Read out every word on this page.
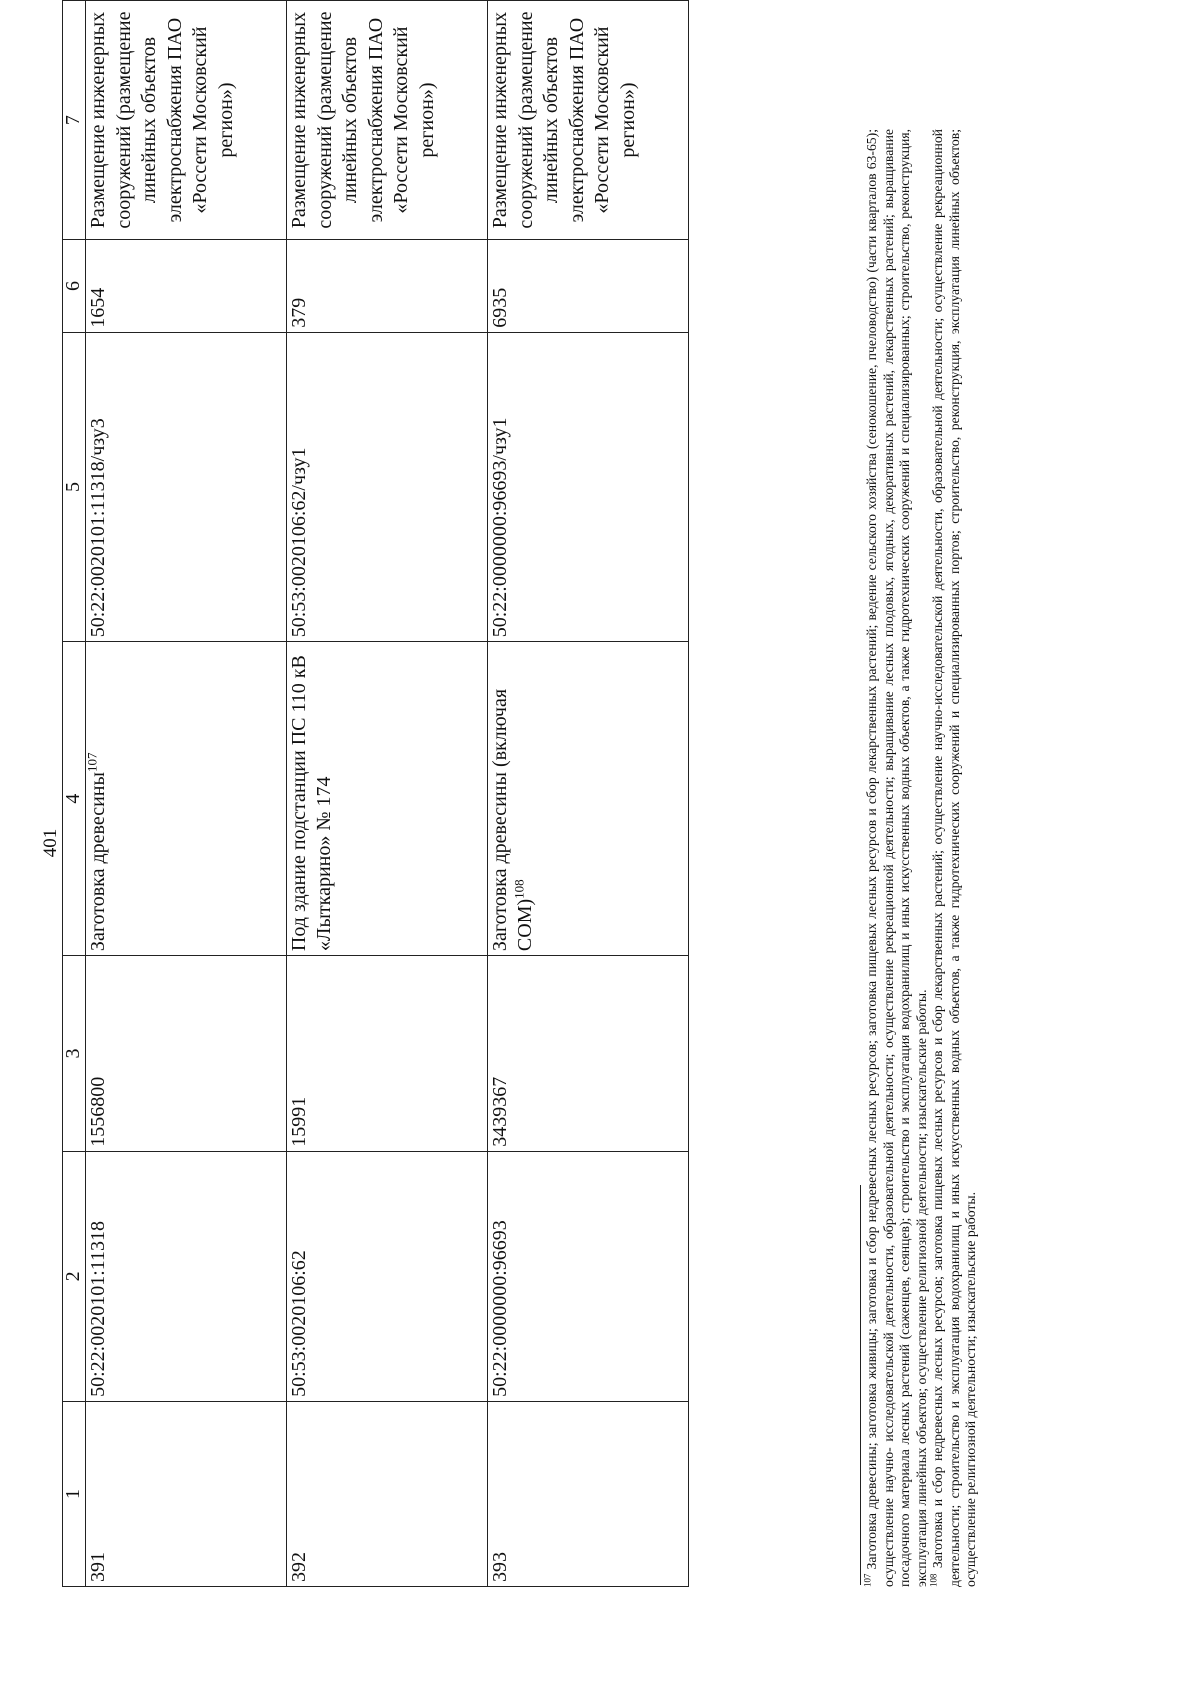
401
1	2	3	4	5	6	7
391	50:22:0020101:11318	1556800	Заготовка древесины$^{107}$	50:22:0020101:11318/чзу3	1654	Размещение инженерных сооружений (размещение линейных объектов электроснабжения ПАО «Россети Московский регион»)
392	50:53:0020106:62	15991	Под здание подстанции ПС 110 кВ «Лыткарино» № 174	50:53:0020106:62/чзу1	379	Размещение инженерных сооружений (размещение линейных объектов электроснабжения ПАО «Россети Московский регион»)
393	50:22:0000000:96693	3439367	Заготовка древесины (включая СОМ)$^{108}$	50:22:0000000:96693/чзу1	6935	Размещение инженерных сооружений (размещение линейных объектов электроснабжения ПАО «Россети Московский регион»)

$^{107}$ Заготовка древесины; заготовка живицы; заготовка и сбор недревесных лесных ресурсов; заготовка пищевых лесных ресурсов и сбор лекарственных растений; ведение сельского хозяйства (сенокошение, пчеловодство) (части кварталов 63-65); осуществление научно- исследовательской деятельности, образовательной деятельности; осуществление рекреационной деятельности; выращивание лесных плодовых, ягодных, декоративных растений, лекарственных растений; выращивание посадочного материала лесных растений (саженцев, сеянцев); строительство и эксплуатация водохранилищ и иных искусственных водных объектов, а также гидротехнических сооружений и специализированных; строительство, реконструкция, эксплуатация линейных объектов; осуществление религиозной деятельности; изыскательские работы. $^{108}$ Заготовка и сбор недревесных лесных ресурсов; заготовка пищевых лесных ресурсов и сбор лекарственных растений; осуществление научно-исследовательской деятельности, образовательной деятельности; осуществление рекреационной деятельности; строительство и эксплуатация водохранилищ и иных искусственных водных объектов, а также гидротехнических сооружений и специализированных портов; строительство, реконструкция, эксплуатация линейных объектов; осуществление религиозной деятельности; изыскательские работы.
